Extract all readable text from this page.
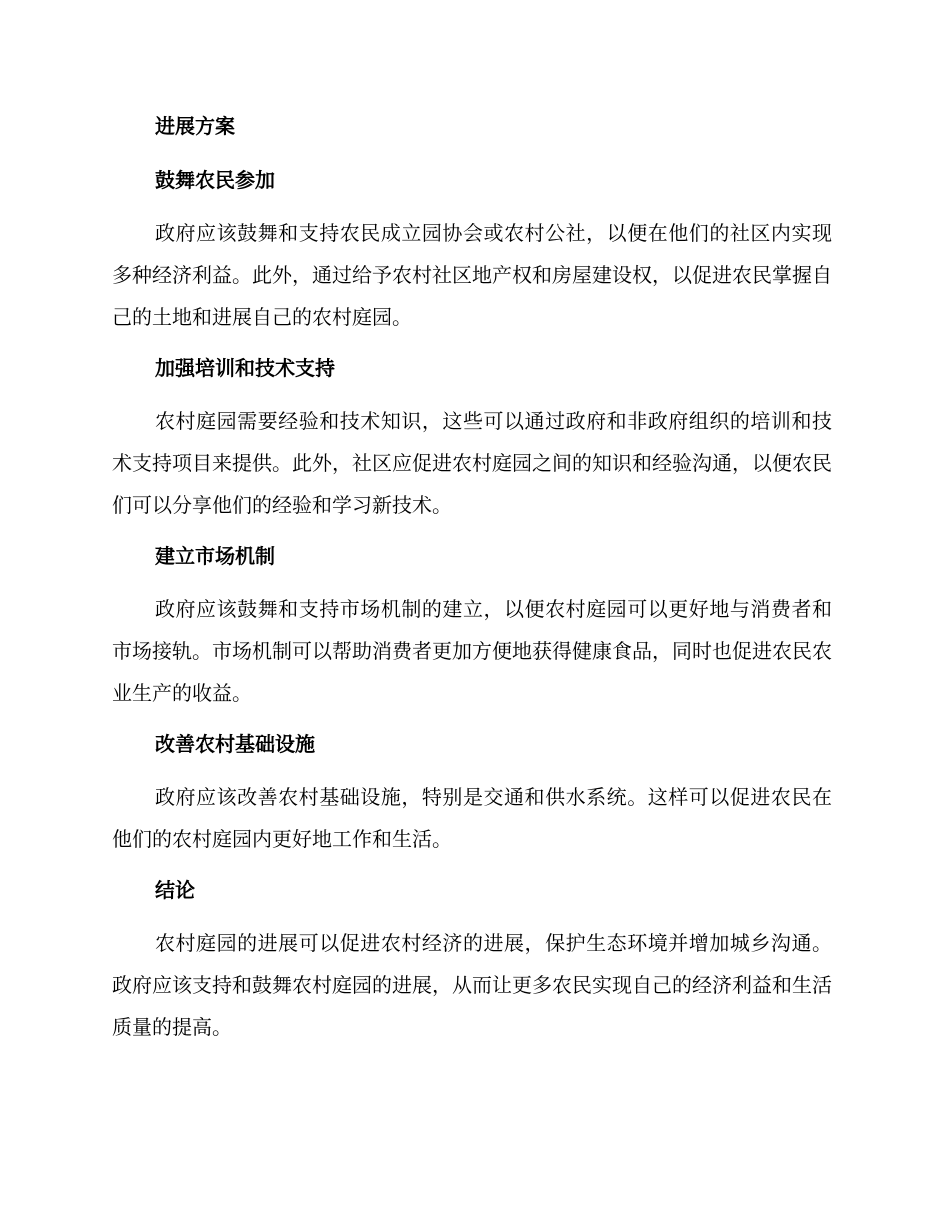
进展方案
鼓舞农民参加

政府应该鼓舞和支持农民成立园协会或农村公社，以便在他们的社区内实现多种经济利益。此外，通过给予农村社区地产权和房屋建设权，以促进农民掌握自己的土地和进展自己的农村庭园。

加强培训和技术支持

农村庭园需要经验和技术知识，这些可以通过政府和非政府组织的培训和技术支持项目来提供。此外，社区应促进农村庭园之间的知识和经验沟通，以便农民们可以分享他们的经验和学习新技术。

建立市场机制

政府应该鼓舞和支持市场机制的建立，以便农村庭园可以更好地与消费者和市场接轨。市场机制可以帮助消费者更加方便地获得健康食品，同时也促进农民农业生产的收益。

改善农村基础设施

政府应该改善农村基础设施，特别是交通和供水系统。这样可以促进农民在他们的农村庭园内更好地工作和生活。

结论

农村庭园的进展可以促进农村经济的进展，保护生态环境并增加城乡沟通。政府应该支持和鼓舞农村庭园的进展，从而让更多农民实现自己的经济利益和生活质量的提高。
